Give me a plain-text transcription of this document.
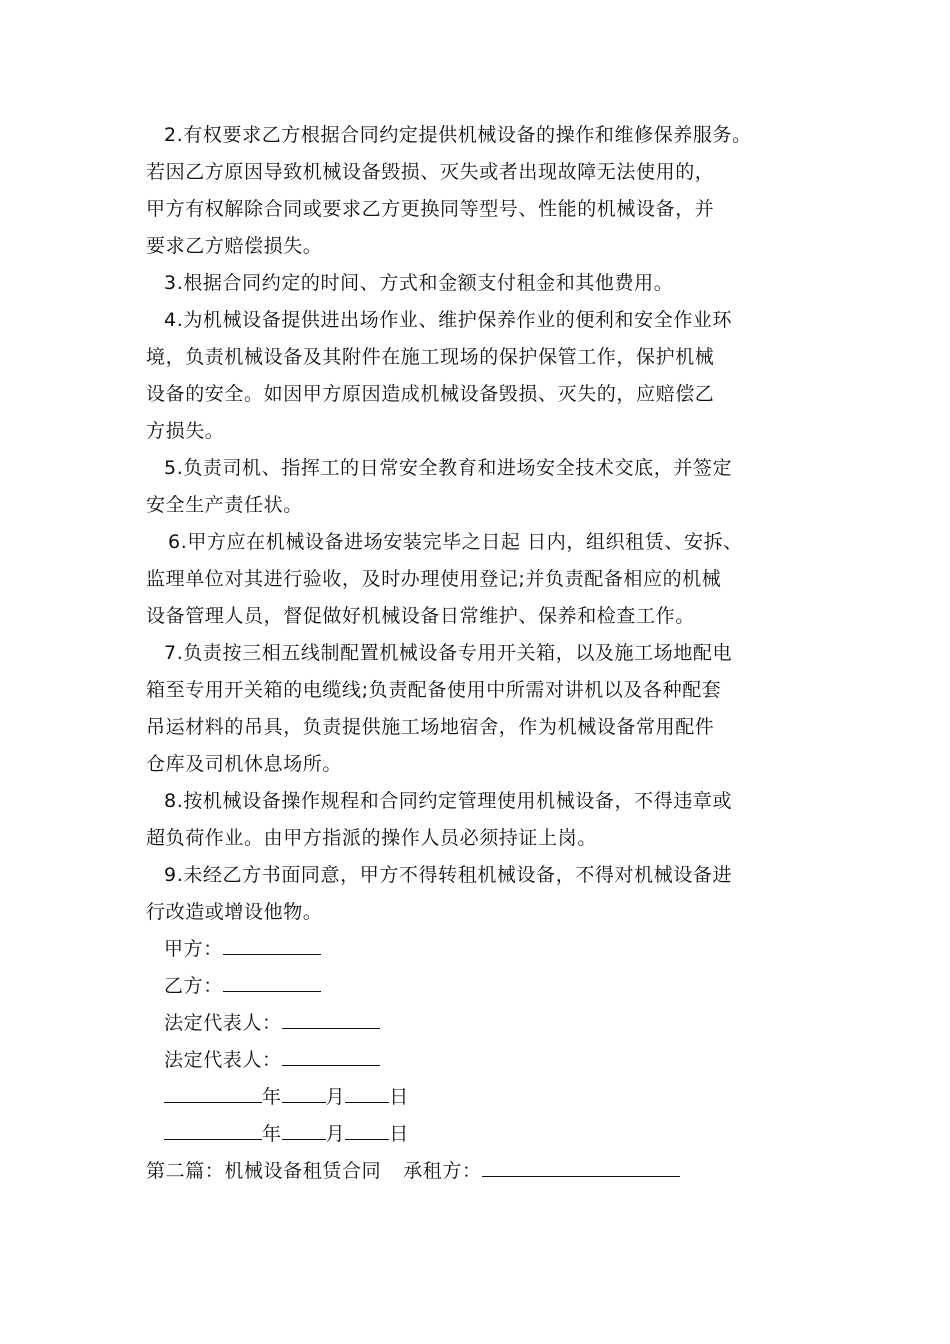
2.有权要求乙方根据合同约定提供机械设备的操作和维修保养服务。
若因乙方原因导致机械设备毁损、灭失或者出现故障无法使用的，
甲方有权解除合同或要求乙方更换同等型号、性能的机械设备，并
要求乙方赔偿损失。

3.根据合同约定的时间、方式和金额支付租金和其他费用。

4.为机械设备提供进出场作业、维护保养作业的便利和安全作业环
境，负责机械设备及其附件在施工现场的保护保管工作，保护机械
设备的安全。如因甲方原因造成机械设备毁损、灭失的，应赔偿乙
方损失。

5.负责司机、指挥工的日常安全教育和进场安全技术交底，并签定
安全生产责任状。

6.甲方应在机械设备进场安装完毕之日起 日内，组织租赁、安拆、
监理单位对其进行验收，及时办理使用登记;并负责配备相应的机械
设备管理人员，督促做好机械设备日常维护、保养和检查工作。

7.负责按三相五线制配置机械设备专用开关箱，以及施工场地配电
箱至专用开关箱的电缆线;负责配备使用中所需对讲机以及各种配套
吊运材料的吊具，负责提供施工场地宿舍，作为机械设备常用配件
仓库及司机休息场所。

8.按机械设备操作规程和合同约定管理使用机械设备，不得违章或
超负荷作业。由甲方指派的操作人员必须持证上岗。

9.未经乙方书面同意，甲方不得转租机械设备，不得对机械设备进
行改造或增设他物。

甲方：
乙方：
法定代表人：
法定代表人：
年 月 日
年 月 日
第二篇：机械设备租赁合同 承租方：
